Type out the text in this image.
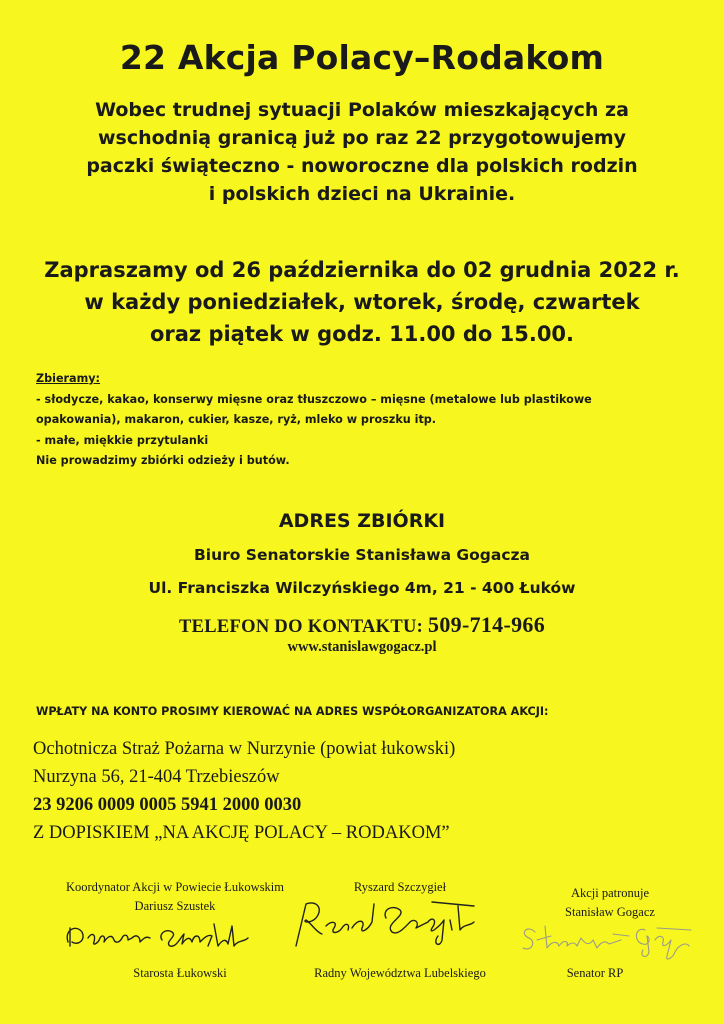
22 Akcja Polacy–Rodakom
Wobec trudnej sytuacji Polaków mieszkających za
wschodnią granicą już po raz 22 przygotowujemy
paczki świąteczno - noworoczne dla polskich rodzin
i polskich dzieci na Ukrainie.
Zapraszamy od 26 października do 02 grudnia 2022 r.
w każdy poniedziałek, wtorek, środę, czwartek
oraz piątek w godz. 11.00 do 15.00.
Zbieramy:
- słodycze, kakao, konserwy mięsne oraz tłuszczowo – mięsne (metalowe lub plastikowe
opakowania), makaron, cukier, kasze, ryż, mleko w proszku itp.
- małe, miękkie przytulanki
Nie prowadzimy zbiórki odzieży i butów.
ADRES ZBIÓRKI
Biuro Senatorskie Stanisława Gogacza
Ul. Franciszka Wilczyńskiego 4m, 21 - 400 Łuków
TELEFON DO KONTAKTU: 509-714-966
www.stanislawgogacz.pl
WPŁATY NA KONTO PROSIMY KIEROWAĆ NA ADRES WSPÓŁORGANIZATORA AKCJI:
Ochotnicza Straż Pożarna w Nurzynie (powiat łukowski)
Nurzyna 56, 21-404 Trzebieszów
23 9206 0009 0005 5941 2000 0030
Z DOPISKIEM „NA AKCJĘ POLACY – RODAKOM”
Koordynator Akcji w Powiecie Łukowskim
Dariusz Szustek
Ryszard Szczygieł	Akcji patronuje
Stanisław Gogacz
Starosta Łukowski	Radny Województwa Lubelskiego	Senator RP
